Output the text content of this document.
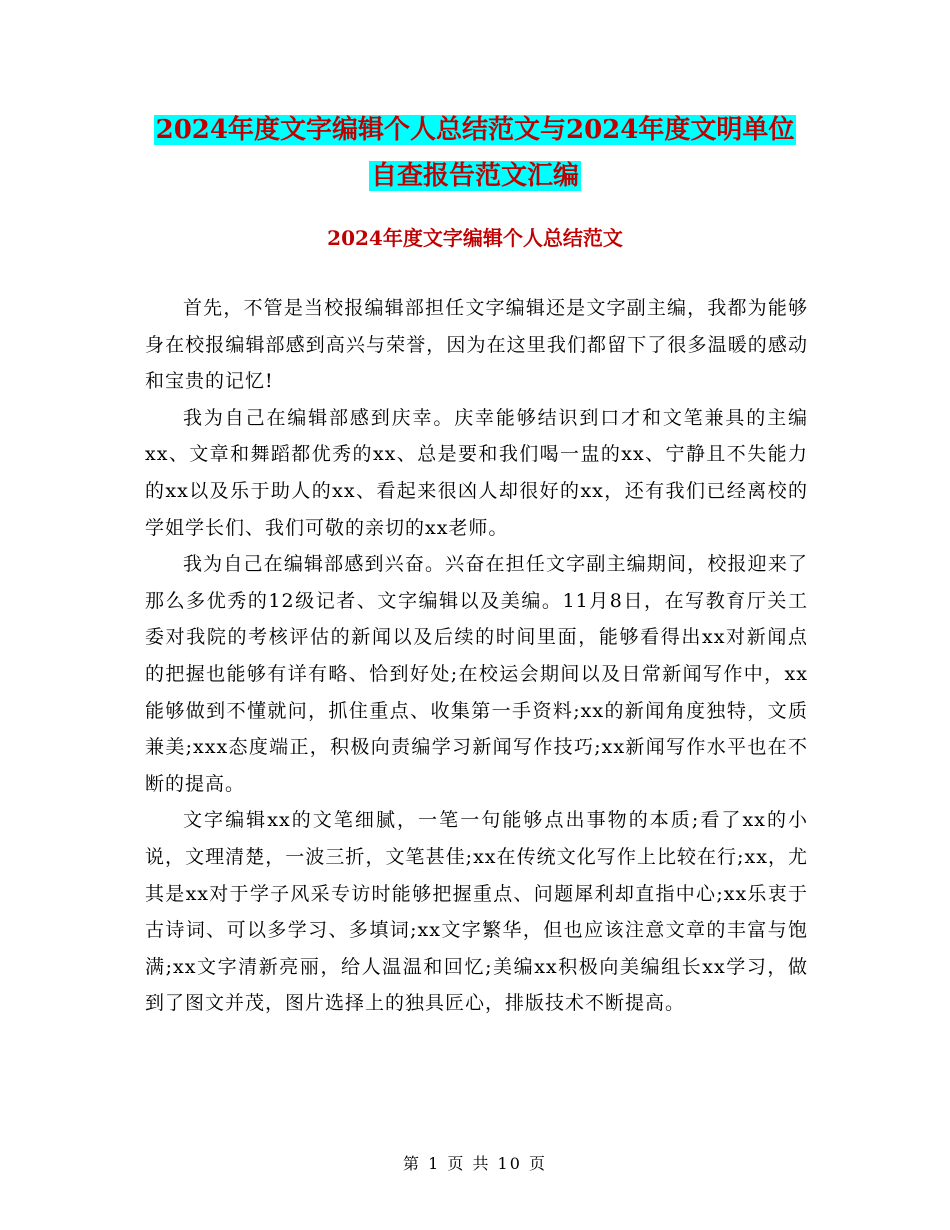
2024年度文字编辑个人总结范文与2024年度文明单位
自查报告范文汇编
2024年度文字编辑个人总结范文

首先，不管是当校报编辑部担任文字编辑还是文字副主编，我都为能够身在校报编辑部感到高兴与荣誉，因为在这里我们都留下了很多温暖的感动和宝贵的记忆!

我为自己在编辑部感到庆幸。庆幸能够结识到口才和文笔兼具的主编xx、文章和舞蹈都优秀的xx、总是要和我们喝一盅的xx、宁静且不失能力的xx以及乐于助人的xx、看起来很凶人却很好的xx，还有我们已经离校的学姐学长们、我们可敬的亲切的xx老师。

我为自己在编辑部感到兴奋。兴奋在担任文字副主编期间，校报迎来了那么多优秀的12级记者、文字编辑以及美编。11月8日，在写教育厅关工委对我院的考核评估的新闻以及后续的时间里面，能够看得出xx对新闻点的把握也能够有详有略、恰到好处;在校运会期间以及日常新闻写作中，xx能够做到不懂就问，抓住重点、收集第一手资料;xx的新闻角度独特，文质兼美;xxx态度端正，积极向责编学习新闻写作技巧;xx新闻写作水平也在不断的提高。

文字编辑xx的文笔细腻，一笔一句能够点出事物的本质;看了xx的小说，文理清楚，一波三折，文笔甚佳;xx在传统文化写作上比较在行;xx，尤其是xx对于学子风采专访时能够把握重点、问题犀利却直指中心;xx乐衷于古诗词、可以多学习、多填词;xx文字繁华，但也应该注意文章的丰富与饱满;xx文字清新亮丽，给人温温和回忆;美编xx积极向美编组长xx学习，做到了图文并茂，图片选择上的独具匠心，排版技术不断提高。

第 1 页 共 10 页
